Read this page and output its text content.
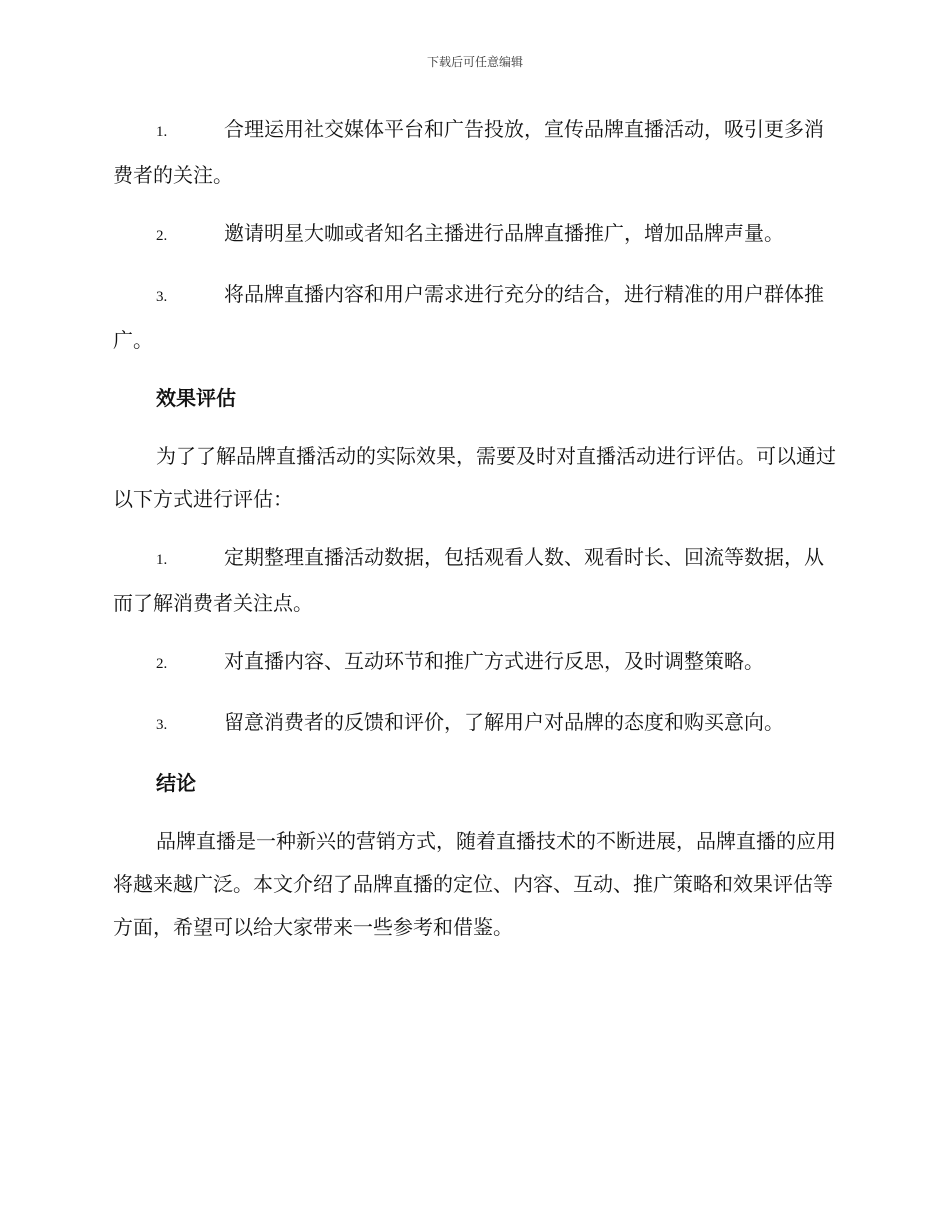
下载后可任意编辑
1.	合理运用社交媒体平台和广告投放，宣传品牌直播活动，吸引更多消费者的关注。
2.	邀请明星大咖或者知名主播进行品牌直播推广，增加品牌声量。
3.	将品牌直播内容和用户需求进行充分的结合，进行精准的用户群体推广。
效果评估
为了了解品牌直播活动的实际效果，需要及时对直播活动进行评估。可以通过以下方式进行评估：
1.	定期整理直播活动数据，包括观看人数、观看时长、回流等数据，从而了解消费者关注点。
2.	对直播内容、互动环节和推广方式进行反思，及时调整策略。
3.	留意消费者的反馈和评价，了解用户对品牌的态度和购买意向。
结论
品牌直播是一种新兴的营销方式，随着直播技术的不断进展，品牌直播的应用将越来越广泛。本文介绍了品牌直播的定位、内容、互动、推广策略和效果评估等方面，希望可以给大家带来一些参考和借鉴。
